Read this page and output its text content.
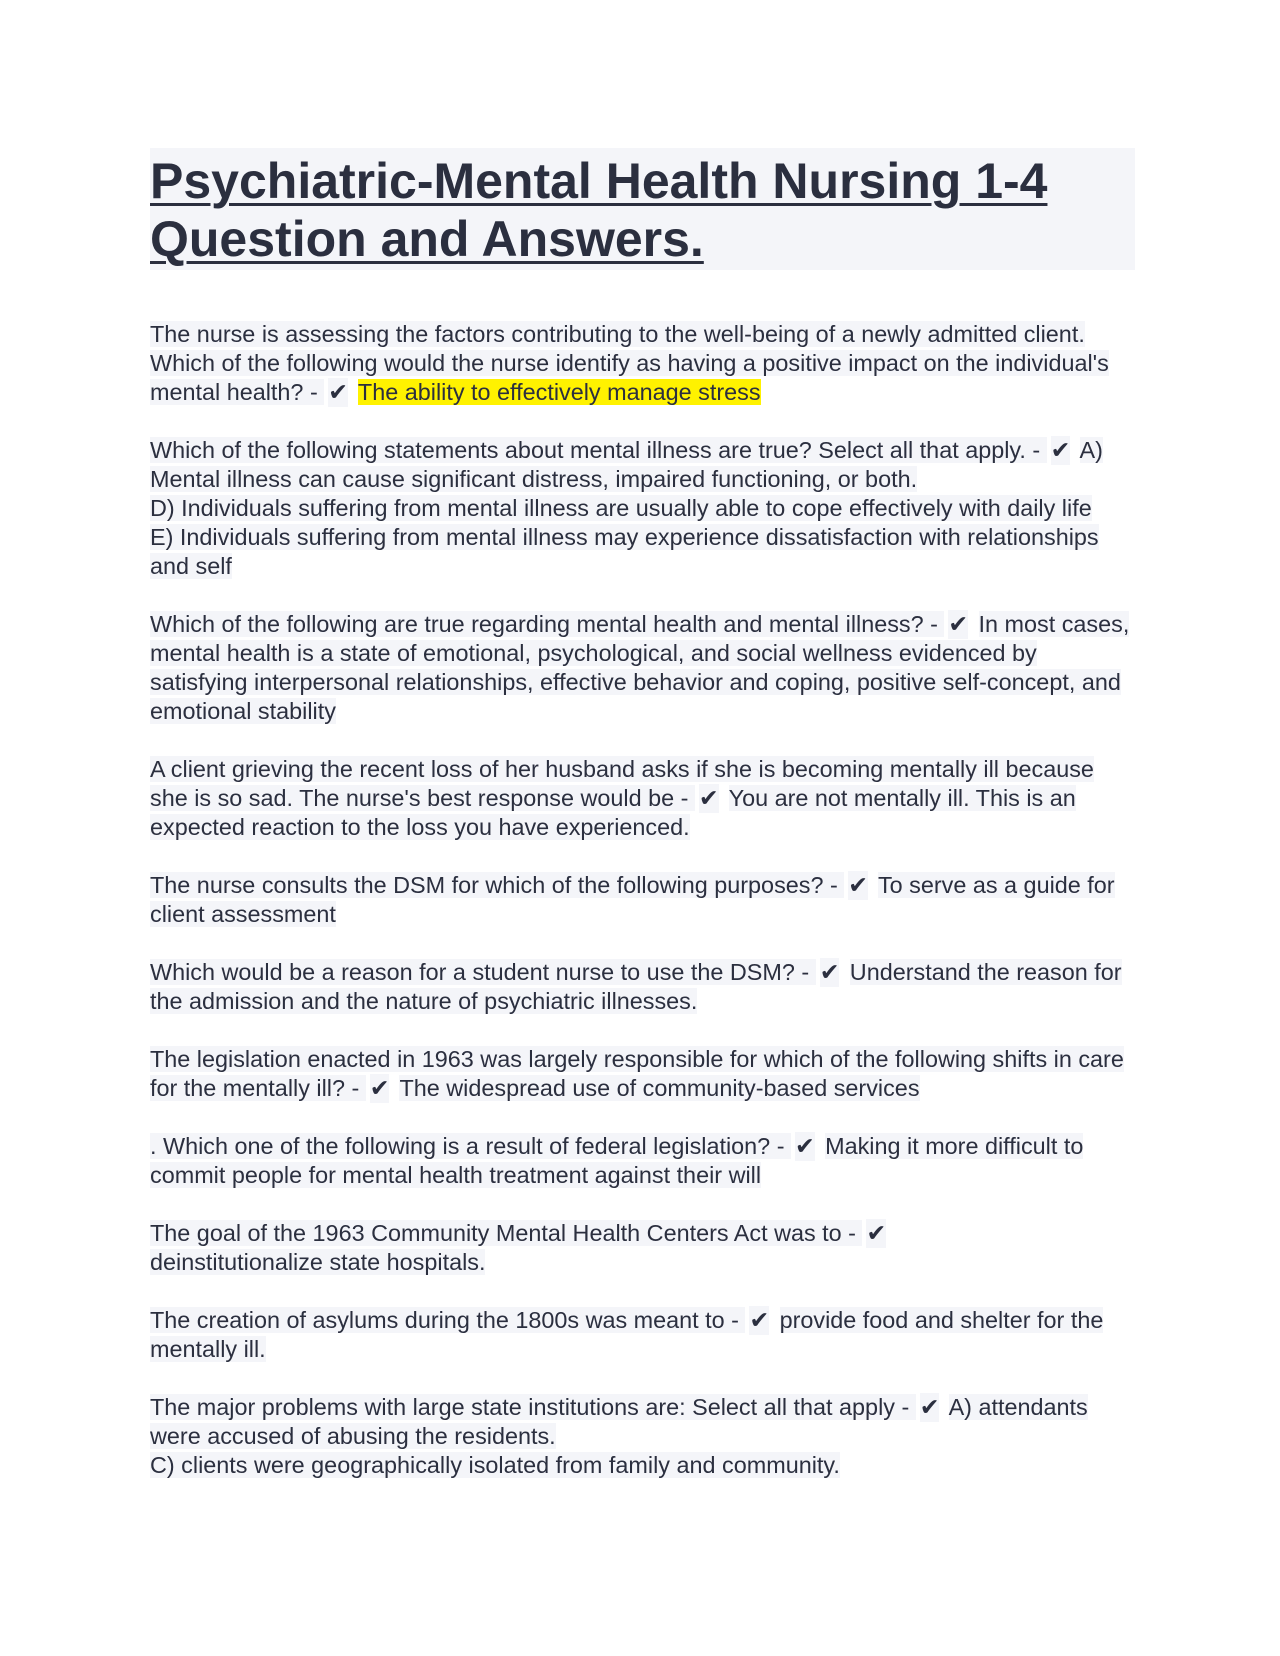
Psychiatric-Mental Health Nursing 1-4
Question and Answers.

The nurse is assessing the factors contributing to the well-being of a newly admitted client. Which of the following would the nurse identify as having a positive impact on the individual's mental health? - ✔ The ability to effectively manage stress

Which of the following statements about mental illness are true? Select all that apply. - ✔ A) Mental illness can cause significant distress, impaired functioning, or both.
D) Individuals suffering from mental illness are usually able to cope effectively with daily life
E) Individuals suffering from mental illness may experience dissatisfaction with relationships and self

Which of the following are true regarding mental health and mental illness? - ✔ In most cases, mental health is a state of emotional, psychological, and social wellness evidenced by satisfying interpersonal relationships, effective behavior and coping, positive self-concept, and emotional stability

A client grieving the recent loss of her husband asks if she is becoming mentally ill because she is so sad. The nurse's best response would be - ✔ You are not mentally ill. This is an expected reaction to the loss you have experienced.

The nurse consults the DSM for which of the following purposes? - ✔ To serve as a guide for client assessment

Which would be a reason for a student nurse to use the DSM? - ✔ Understand the reason for the admission and the nature of psychiatric illnesses.

The legislation enacted in 1963 was largely responsible for which of the following shifts in care for the mentally ill? - ✔ The widespread use of community-based services

. Which one of the following is a result of federal legislation? - ✔ Making it more difficult to commit people for mental health treatment against their will

The goal of the 1963 Community Mental Health Centers Act was to - ✔
deinstitutionalize state hospitals.

The creation of asylums during the 1800s was meant to - ✔ provide food and shelter for the mentally ill.

The major problems with large state institutions are: Select all that apply - ✔ A) attendants were accused of abusing the residents.
C) clients were geographically isolated from family and community.
